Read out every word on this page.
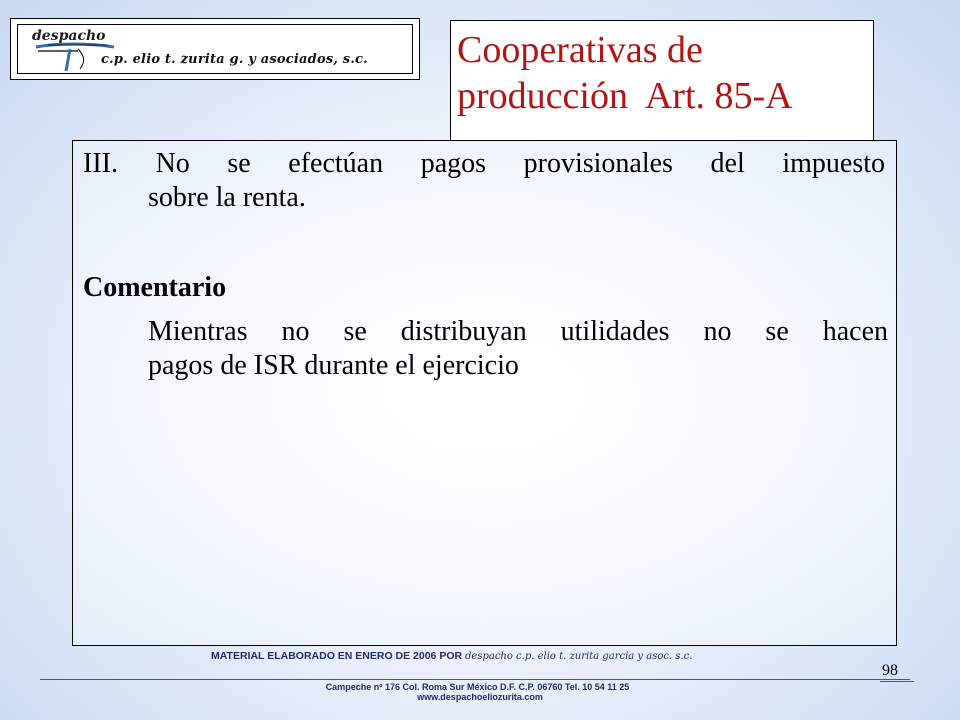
despacho
c.p. elio t. zurita g. y asociados, s.c. Cooperativas de
producción  Art. 85-A
III. No se efectúan pagos provisionales del impuesto
sobre la renta.
Comentario
Mientras no se distribuyan utilidades no se hacen
pagos de ISR durante el ejercicio
MATERIAL ELABORADO EN ENERO DE 2006 POR despacho c.p. elio t. zurita garcia y asoc. s.c.
98
Campeche nº 176 Col. Roma Sur México D.F. C.P. 06760 Tel. 10 54 11 25
www.despachoeliozurita.com
